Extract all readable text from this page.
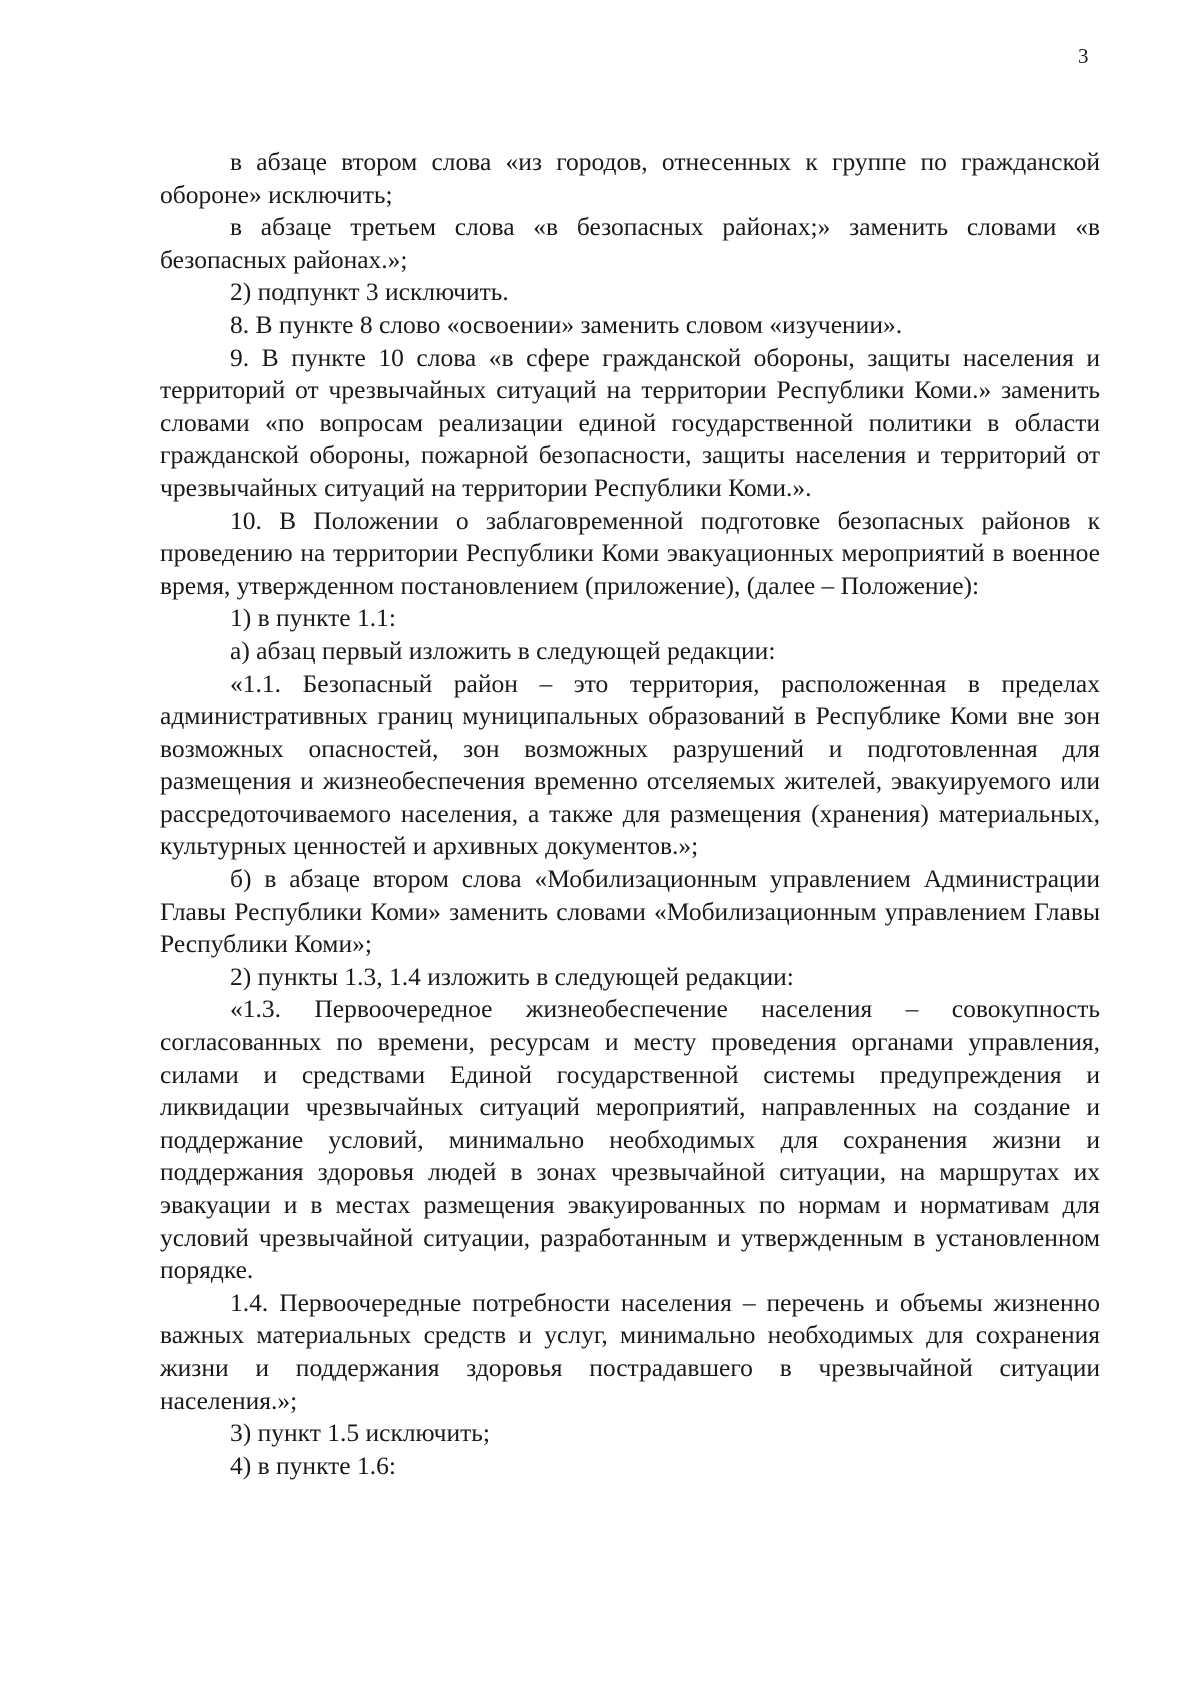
3

в абзаце втором слова «из городов, отнесенных к группе по гражданской обороне» исключить;

в абзаце третьем слова «в безопасных районах;» заменить словами «в безопасных районах.»;

2) подпункт 3 исключить.

8. В пункте 8 слово «освоении» заменить словом «изучении».

9. В пункте 10 слова «в сфере гражданской обороны, защиты населения и территорий от чрезвычайных ситуаций на территории Республики Коми.» заменить словами «по вопросам реализации единой государственной политики в области гражданской обороны, пожарной безопасности, защиты населения и территорий от чрезвычайных ситуаций на территории Республики Коми.».

10. В Положении о заблаговременной подготовке безопасных районов к проведению на территории Республики Коми эвакуационных мероприятий в военное время, утвержденном постановлением (приложение), (далее – Положение):

1) в пункте 1.1:

а) абзац первый изложить в следующей редакции:

«1.1. Безопасный район – это территория, расположенная в пределах административных границ муниципальных образований в Республике Коми вне зон возможных опасностей, зон возможных разрушений и подготовленная для размещения и жизнеобеспечения временно отселяемых жителей, эвакуируемого или рассредоточиваемого населения, а также для размещения (хранения) материальных, культурных ценностей и архивных документов.»;

б) в абзаце втором слова «Мобилизационным управлением Администрации Главы Республики Коми» заменить словами «Мобилизационным управлением Главы Республики Коми»;

2) пункты 1.3, 1.4 изложить в следующей редакции:

«1.3. Первоочередное жизнеобеспечение населения – совокупность согласованных по времени, ресурсам и месту проведения органами управления, силами и средствами Единой государственной системы предупреждения и ликвидации чрезвычайных ситуаций мероприятий, направленных на создание и поддержание условий, минимально необходимых для сохранения жизни и поддержания здоровья людей в зонах чрезвычайной ситуации, на маршрутах их эвакуации и в местах размещения эвакуированных по нормам и нормативам для условий чрезвычайной ситуации, разработанным и утвержденным в установленном порядке.

1.4. Первоочередные потребности населения – перечень и объемы жизненно важных материальных средств и услуг, минимально необходимых для сохранения жизни и поддержания здоровья пострадавшего в чрезвычайной ситуации населения.»;

3) пункт 1.5 исключить;

4) в пункте 1.6:
